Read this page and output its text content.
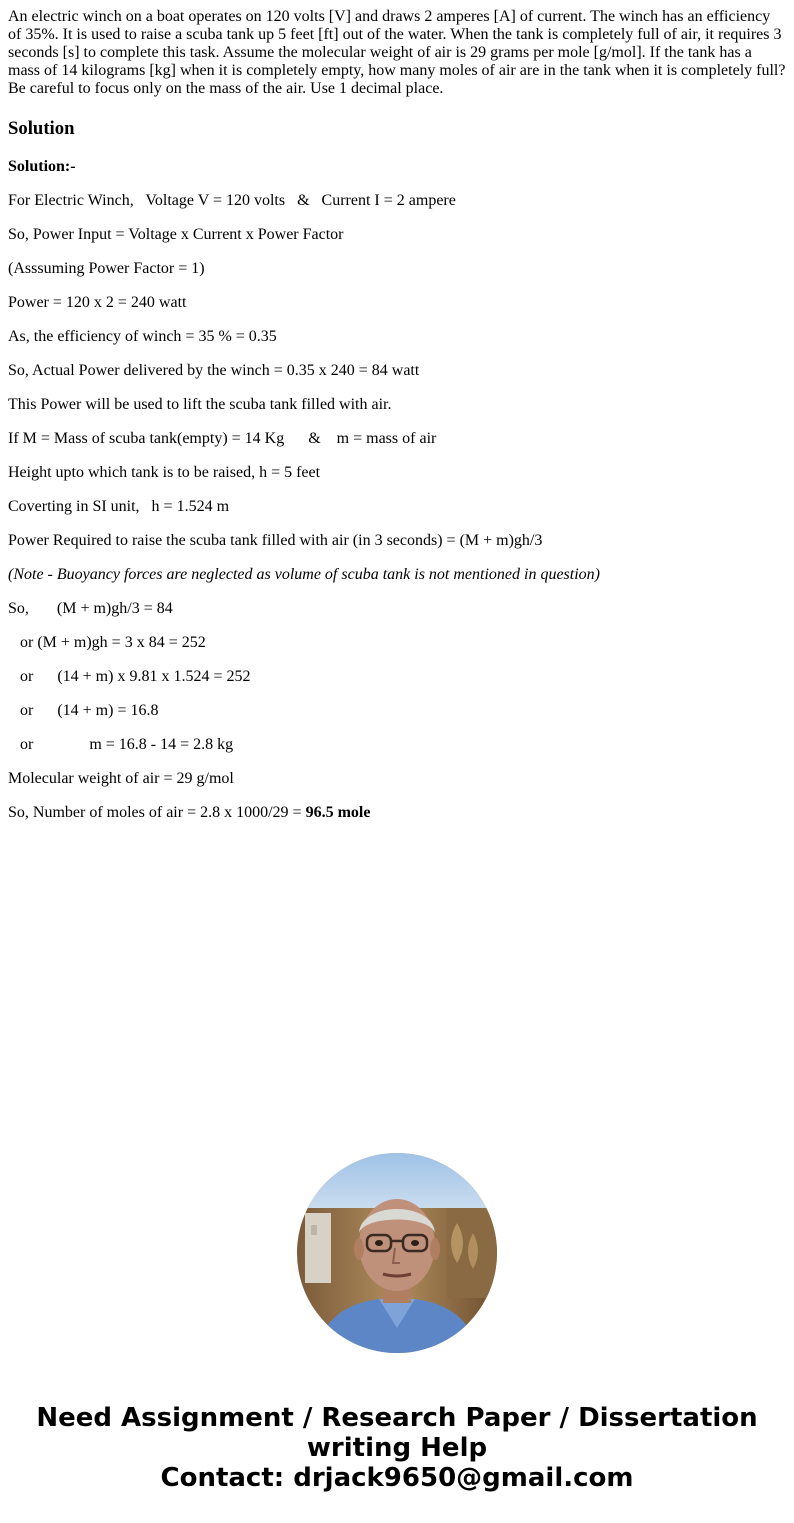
An electric winch on a boat operates on 120 volts [V] and draws 2 amperes [A] of current. The winch has an efficiency of 35%. It is used to raise a scuba tank up 5 feet [ft] out of the water. When the tank is completely full of air, it requires 3 seconds [s] to complete this task. Assume the molecular weight of air is 29 grams per mole [g/mol]. If the tank has a mass of 14 kilograms [kg] when it is completely empty, how many moles of air are in the tank when it is completely full? Be careful to focus only on the mass of the air. Use 1 decimal place.

Solution

Solution:-

For Electric Winch,   Voltage V = 120 volts   &   Current I = 2 ampere

So, Power Input = Voltage x Current x Power Factor

(Asssuming Power Factor = 1)

Power = 120 x 2 = 240 watt

As, the efficiency of winch = 35 % = 0.35

So, Actual Power delivered by the winch = 0.35 x 240 = 84 watt

This Power will be used to lift the scuba tank filled with air.

If M = Mass of scuba tank(empty) = 14 Kg      &    m = mass of air

Height upto which tank is to be raised, h = 5 feet

Coverting in SI unit,   h = 1.524 m

Power Required to raise the scuba tank filled with air (in 3 seconds) = (M + m)gh/3

(Note - Buoyancy forces are neglected as volume of scuba tank is not mentioned in question)

So,       (M + m)gh/3 = 84

or (M + m)gh = 3 x 84 = 252

or      (14 + m) x 9.81 x 1.524 = 252

or      (14 + m) = 16.8

or              m = 16.8 - 14 = 2.8 kg

Molecular weight of air = 29 g/mol

So, Number of moles of air = 2.8 x 1000/29 = 96.5 mole

Need Assignment / Research Paper / Dissertation
writing Help
Contact: drjack9650@gmail.com
